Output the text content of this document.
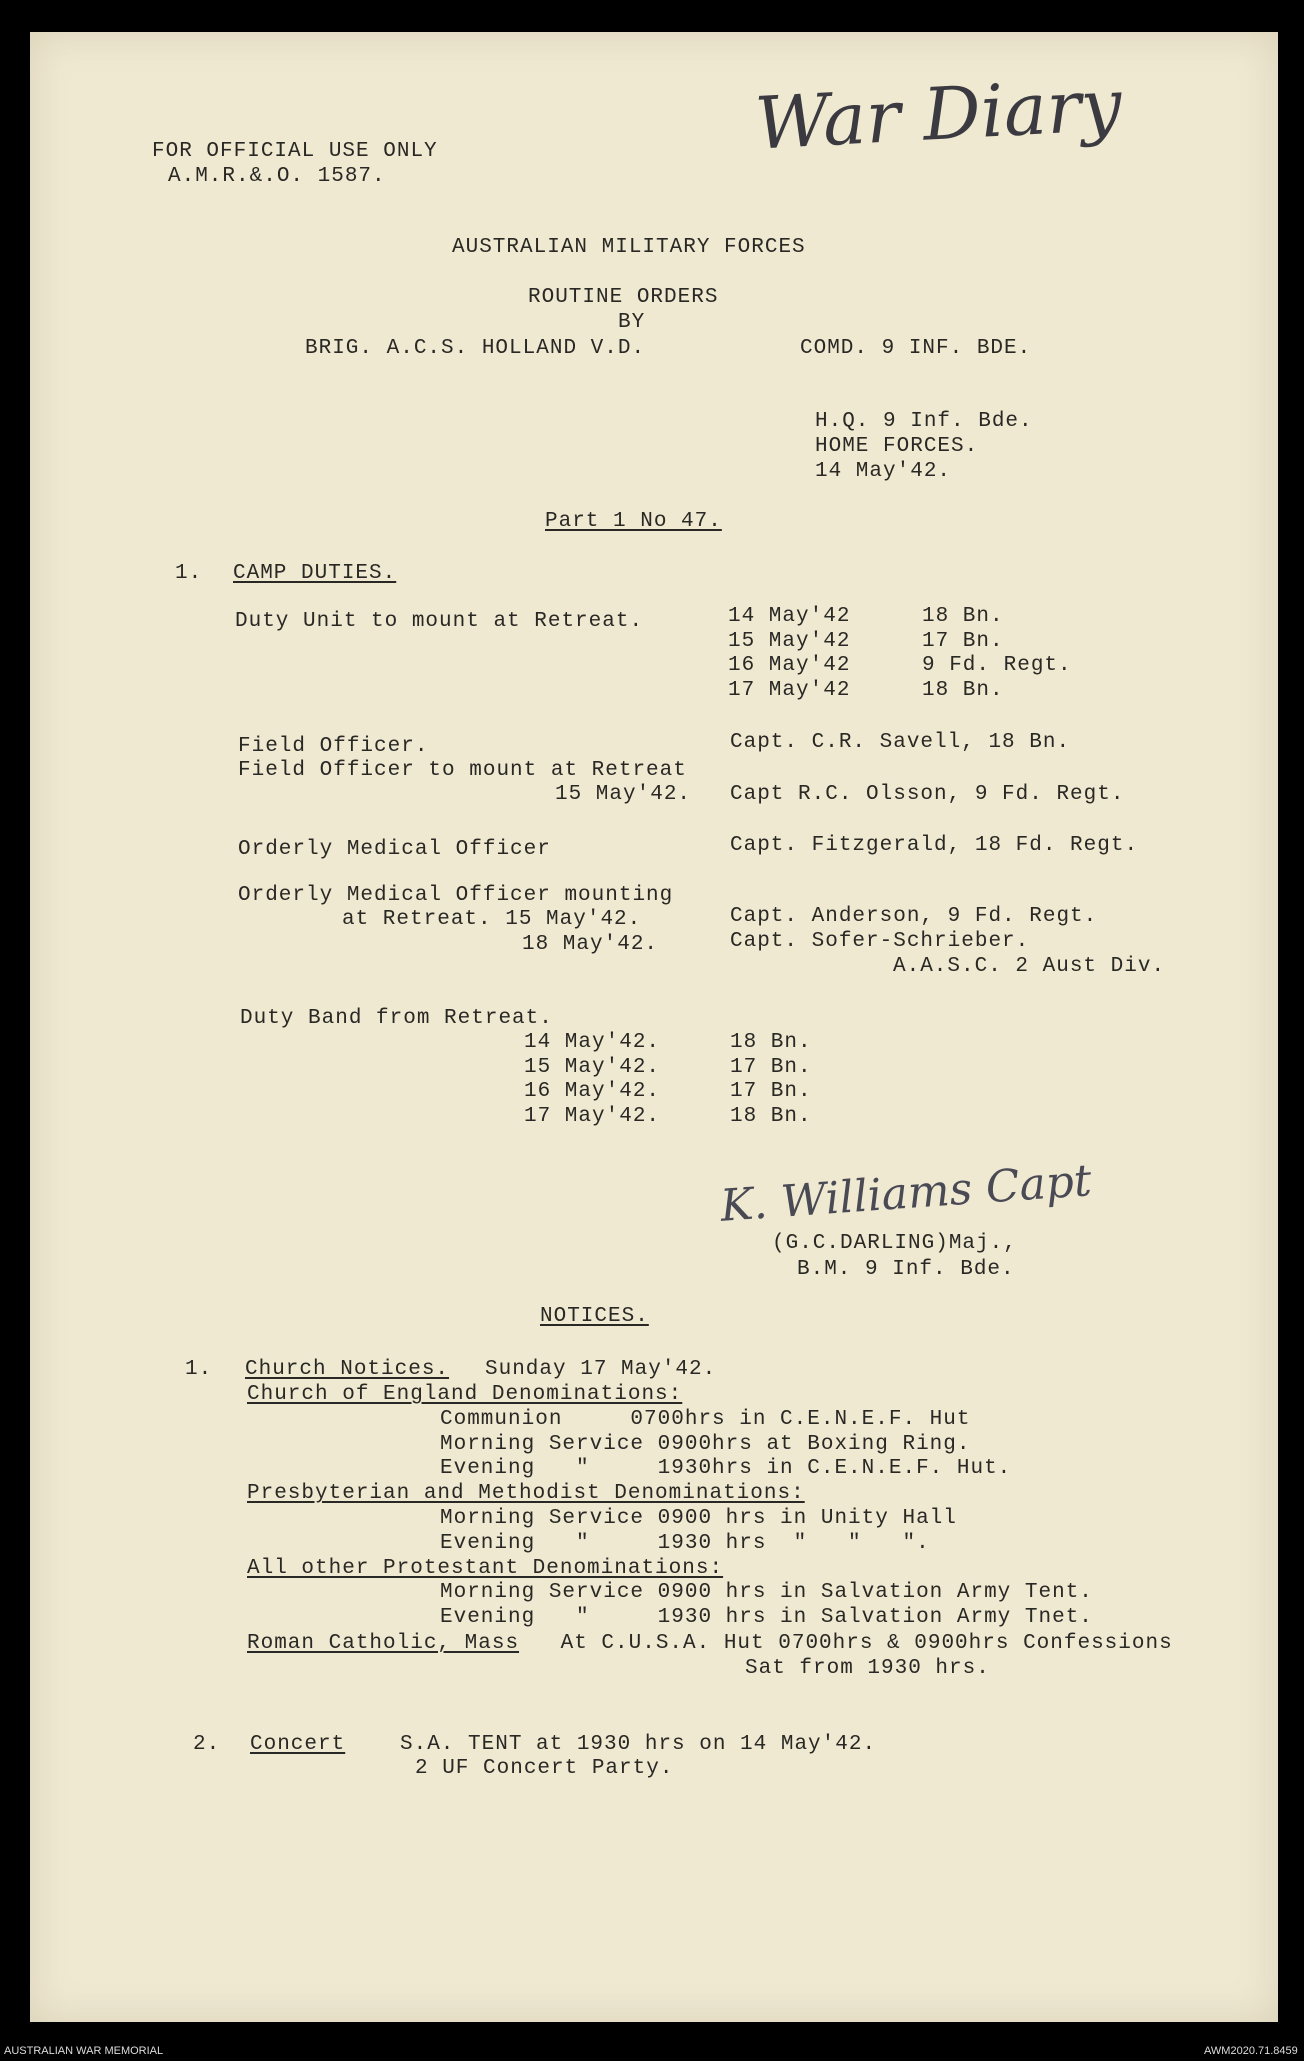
War Diary
FOR OFFICIAL USE ONLY
A.M.R.&.O. 1587.
AUSTRALIAN MILITARY FORCES
ROUTINE ORDERS
BY
BRIG. A.C.S. HOLLAND V.D.	COMD. 9 INF. BDE.
H.Q. 9 Inf. Bde.
HOME FORCES.
14 May'42.
Part 1 No 47.
1. CAMP DUTIES.
Duty Unit to mount at Retreat.	14 May'42	18 Bn.
15 May'42	17 Bn.
16 May'42	9 Fd. Regt.
17 May'42	18 Bn.
Field Officer.	Capt. C.R. Savell, 18 Bn.
Field Officer to mount at Retreat
15 May'42. Capt R.C. Olsson, 9 Fd. Regt.
Orderly Medical Officer	Capt. Fitzgerald, 18 Fd. Regt.
Orderly Medical Officer mounting
at Retreat. 15 May'42.	Capt. Anderson, 9 Fd. Regt.
18 May'42.	Capt. Sofer-Schrieber.
A.A.S.C. 2 Aust Div.
Duty Band from Retreat.
14 May'42.	18 Bn.
15 May'42.	17 Bn.
16 May'42.	17 Bn.
17 May'42.	18 Bn.
K. Williams Capt
(G.C.DARLING)Maj.,
B.M. 9 Inf. Bde.
NOTICES.
1. Church Notices. Sunday 17 May'42.
Church of England Denominations:
Communion     0700hrs in C.E.N.E.F. Hut
Morning Service 0900hrs at Boxing Ring.
Evening   "     1930hrs in C.E.N.E.F. Hut.
Presbyterian and Methodist Denominations:
Morning Service 0900 hrs in Unity Hall
Evening   "     1930 hrs  "   "   ".
All other Protestant Denominations:
Morning Service 0900 hrs in Salvation Army Tent.
Evening   "     1930 hrs in Salvation Army Tnet.
Roman Catholic, Mass At C.U.S.A. Hut 0700hrs & 0900hrs Confessions
Sat from 1930 hrs.
2. Concert	S.A. TENT at 1930 hrs on 14 May'42.
2 UF Concert Party.
AUSTRALIAN WAR MEMORIAL	AWM2020.71.8459
